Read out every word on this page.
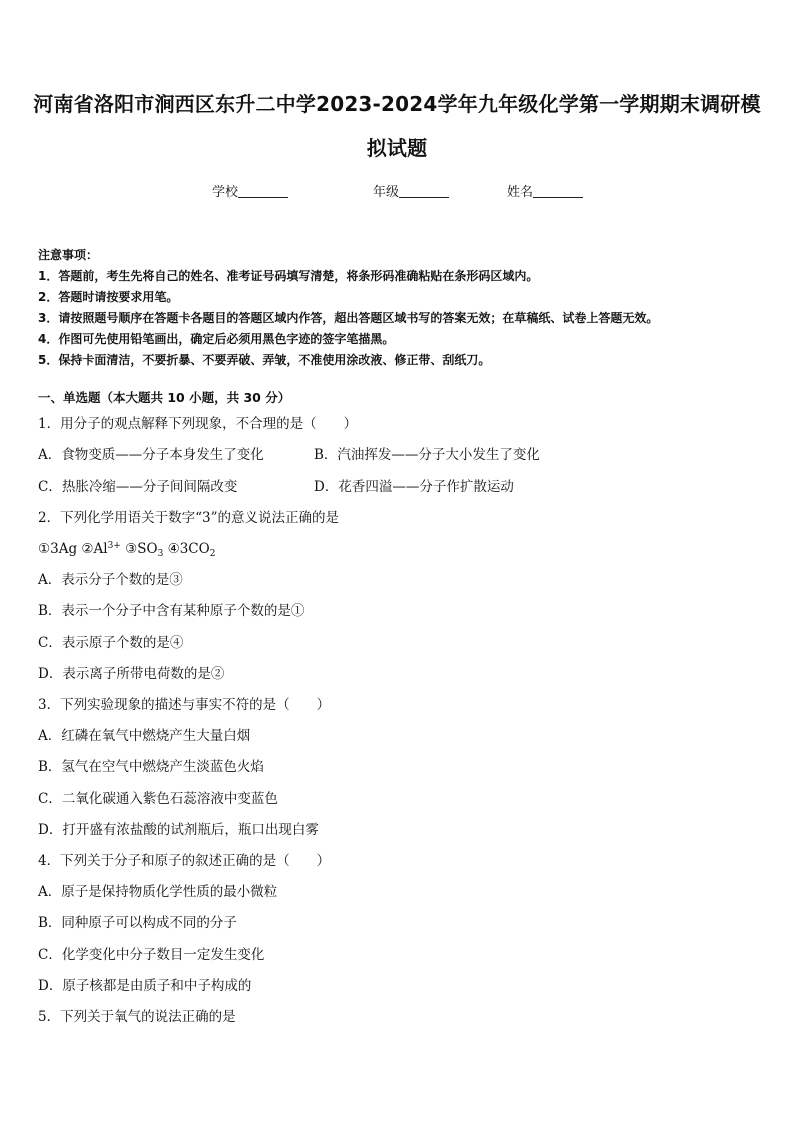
河南省洛阳市涧西区东升二中学2023-2024学年九年级化学第一学期期末调研模拟试题
学校	年级	姓名
注意事项：
1．答题前，考生先将自己的姓名、准考证号码填写清楚，将条形码准确粘贴在条形码区域内。
2．答题时请按要求用笔。
3．请按照题号顺序在答题卡各题目的答题区域内作答，超出答题区域书写的答案无效；在草稿纸、试卷上答题无效。
4．作图可先使用铅笔画出，确定后必须用黑色字迹的签字笔描黑。
5．保持卡面清洁，不要折暴、不要弄破、弄皱，不准使用涂改液、修正带、刮纸刀。
一、单选题（本大题共 10 小题，共 30 分）
1．用分子的观点解释下列现象，不合理的是（　　）
A．食物变质——分子本身发生了变化	B．汽油挥发——分子大小发生了变化
C．热胀冷缩——分子间间隔改变	D．花香四溢——分子作扩散运动
2．下列化学用语关于数字“3”的意义说法正确的是
①3Ag $②Al^{3+}$ $③SO_3$ $④3CO_2$
A．表示分子个数的是③
B．表示一个分子中含有某种原子个数的是①
C．表示原子个数的是④
D．表示离子所带电荷数的是②
3．下列实验现象的描述与事实不符的是（　　）
A．红磷在氧气中燃烧产生大量白烟
B．氢气在空气中燃烧产生淡蓝色火焰
C．二氧化碳通入紫色石蕊溶液中变蓝色
D．打开盛有浓盐酸的试剂瓶后，瓶口出现白雾
4．下列关于分子和原子的叙述正确的是（　　）
A．原子是保持物质化学性质的最小微粒
B．同种原子可以构成不同的分子
C．化学变化中分子数目一定发生变化
D．原子核都是由质子和中子构成的
5．下列关于氧气的说法正确的是
